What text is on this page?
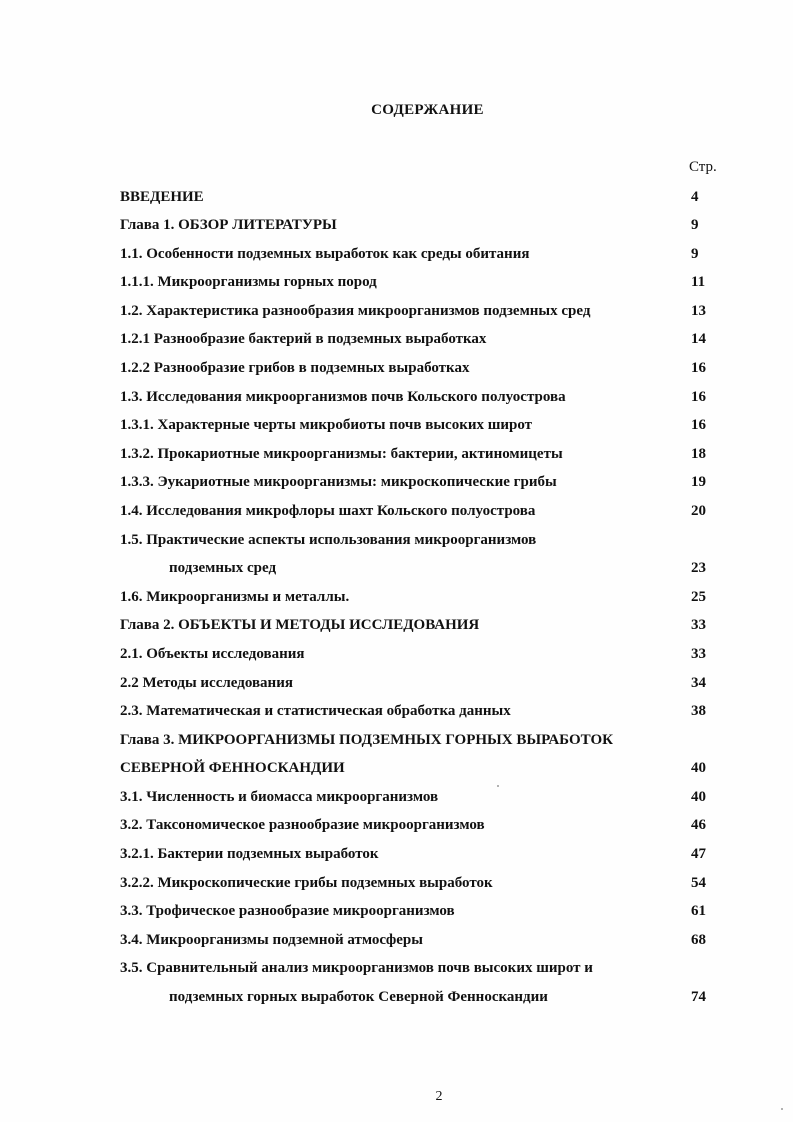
СОДЕРЖАНИЕ
Стр.
ВВЕДЕНИЕ	4
Глава 1. ОБЗОР ЛИТЕРАТУРЫ	9
1.1. Особенности подземных выработок как среды обитания	9
1.1.1. Микроорганизмы горных пород	11
1.2. Характеристика разнообразия микроорганизмов подземных сред	13
1.2.1 Разнообразие бактерий в подземных выработках	14
1.2.2 Разнообразие грибов в подземных выработках	16
1.3. Исследования микроорганизмов почв Кольского полуострова	16
1.3.1. Характерные черты микробиоты почв высоких широт	16
1.3.2. Прокариотные микроорганизмы: бактерии, актиномицеты	18
1.3.3. Эукариотные микроорганизмы: микроскопические грибы	19
1.4. Исследования микрофлоры шахт Кольского полуострова	20
1.5. Практические аспекты использования микроорганизмов
подземных сред	23
1.6. Микроорганизмы и металлы.	25
Глава 2. ОБЪЕКТЫ И МЕТОДЫ ИССЛЕДОВАНИЯ	33
2.1. Объекты исследования	33
2.2 Методы исследования	34
2.3. Математическая и статистическая обработка данных	38
Глава 3. МИКРООРГАНИЗМЫ ПОДЗЕМНЫХ ГОРНЫХ ВЫРАБОТОК
СЕВЕРНОЙ ФЕННОСКАНДИИ	40
3.1. Численность и биомасса микроорганизмов	40
3.2. Таксономическое разнообразие микроорганизмов	46
3.2.1. Бактерии подземных выработок	47
3.2.2. Микроскопические грибы подземных выработок	54
3.3. Трофическое разнообразие микроорганизмов	61
3.4. Микроорганизмы подземной атмосферы	68
3.5. Сравнительный анализ микроорганизмов почв высоких широт и
подземных горных выработок Северной Фенноскандии	74
2
